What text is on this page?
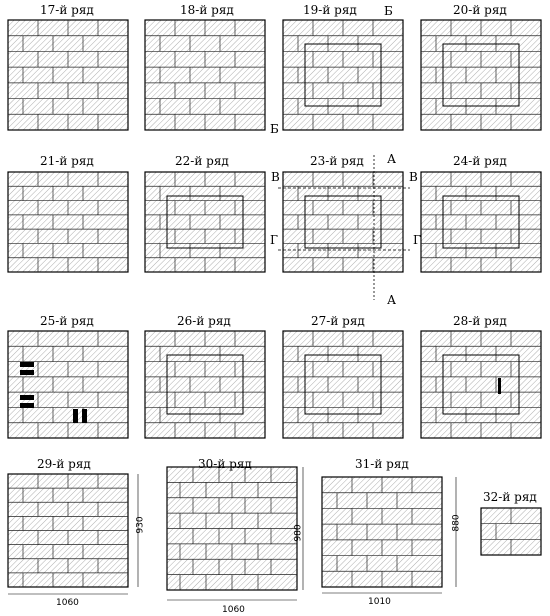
17-й ряд	18-й ряд	19-й ряд	20-й ряд
21-й ряд	22-й ряд	23-й ряд	24-й ряд
25-й ряд	26-й ряд	27-й ряд	28-й ряд
29-й ряд	30-й ряд	31-й ряд
32-й ряд
Б
Б
А
А
В	В
Г	Г
1060
930
1060
980
1010
880
